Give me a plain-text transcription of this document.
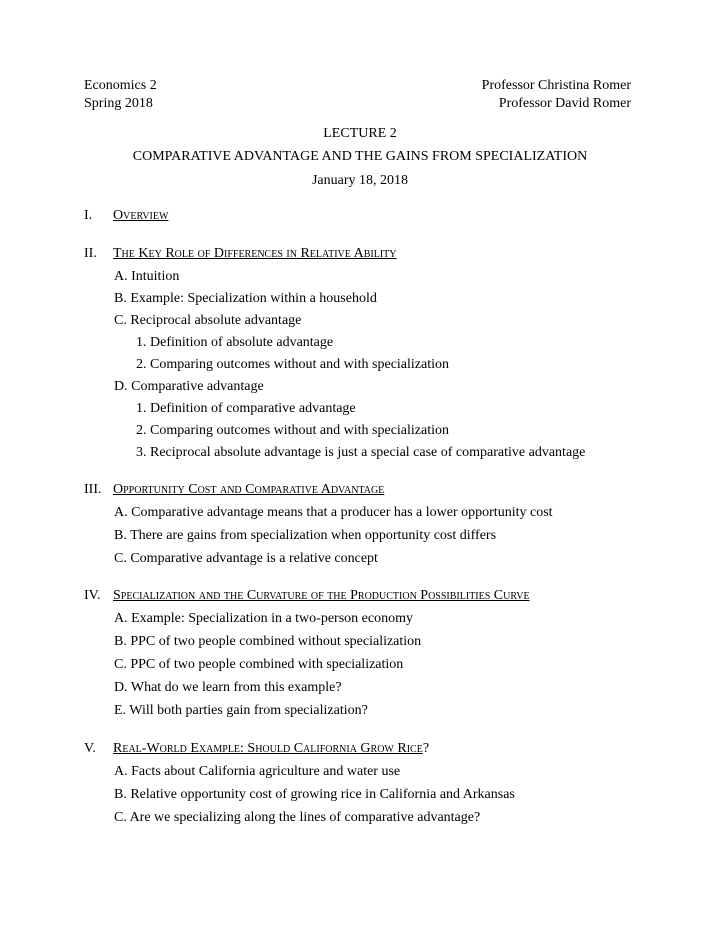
Economics 2
Spring 2018
Professor Christina Romer
Professor David Romer
LECTURE 2
COMPARATIVE ADVANTAGE AND THE GAINS FROM SPECIALIZATION
January 18, 2018
I. Overview
II. The Key Role of Differences in Relative Ability
A. Intuition
B. Example: Specialization within a household
C. Reciprocal absolute advantage
1. Definition of absolute advantage
2. Comparing outcomes without and with specialization
D. Comparative advantage
1. Definition of comparative advantage
2. Comparing outcomes without and with specialization
3. Reciprocal absolute advantage is just a special case of comparative advantage
III. Opportunity Cost and Comparative Advantage
A. Comparative advantage means that a producer has a lower opportunity cost
B. There are gains from specialization when opportunity cost differs
C. Comparative advantage is a relative concept
IV. Specialization and the Curvature of the Production Possibilities Curve
A. Example: Specialization in a two-person economy
B. PPC of two people combined without specialization
C. PPC of two people combined with specialization
D. What do we learn from this example?
E. Will both parties gain from specialization?
V. Real-World Example: Should California Grow Rice?
A. Facts about California agriculture and water use
B. Relative opportunity cost of growing rice in California and Arkansas
C. Are we specializing along the lines of comparative advantage?
